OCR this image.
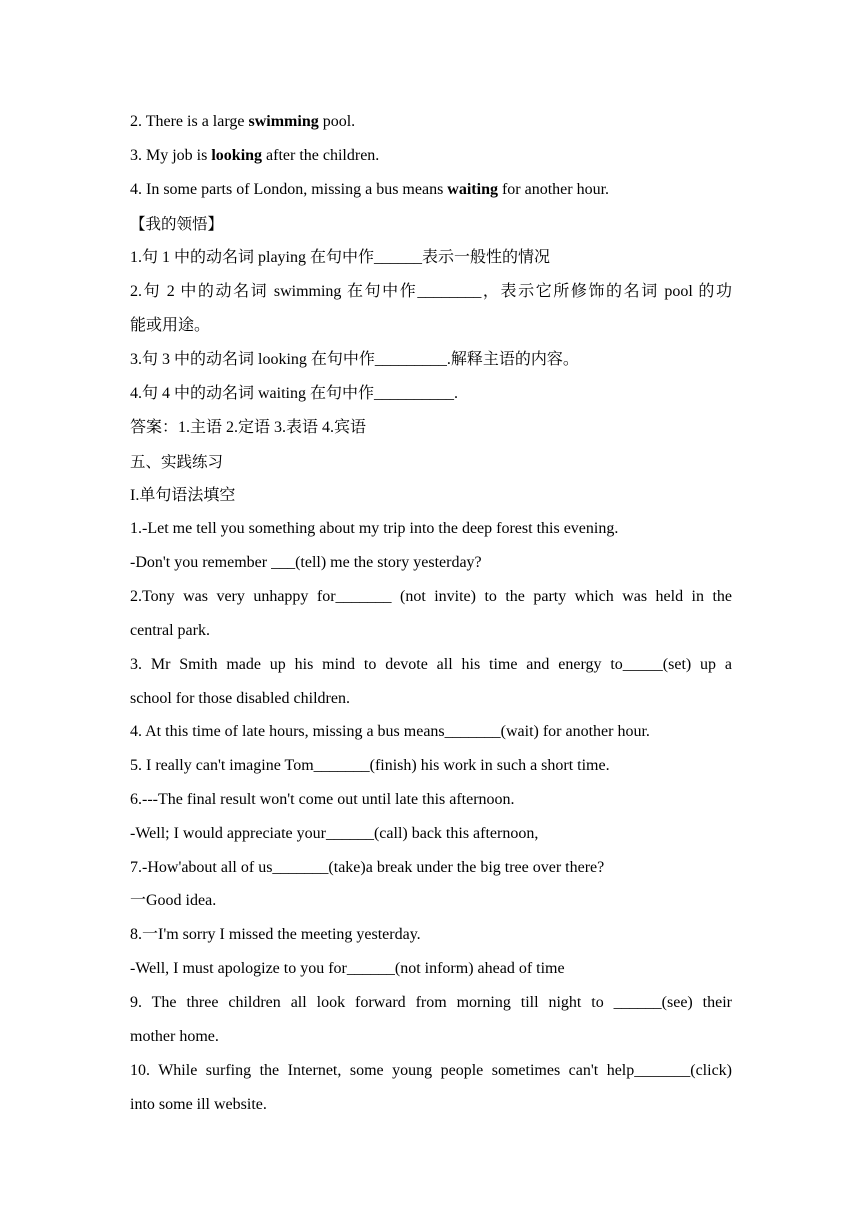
2. There is a large swimming pool.
3. My job is looking after the children.
4. In some parts of London, missing a bus means waiting for another hour.
【我的领悟】
1.句 1 中的动名词 playing 在句中作______表示一般性的情况
2.句 2 中的动名词 swimming 在句中作________，表示它所修饰的名词 pool 的功
能或用途。
3.句 3 中的动名词 looking 在句中作_________.解释主语的内容。
4.句 4 中的动名词 waiting 在句中作__________.
答案：1.主语 2.定语 3.表语 4.宾语
五、实践练习
I.单句语法填空
1.-Let me tell you something about my trip into the deep forest this evening.
-Don't you remember ___(tell) me the story yesterday?
2.Tony was very unhappy for_______ (not invite) to the party which was held in the
central park.
3. Mr Smith made up his mind to devote all his time and energy to_____(set) up a
school for those disabled children.
4. At this time of late hours, missing a bus means_______(wait) for another hour.
5. I really can't imagine Tom_______(finish) his work in such a short time.
6.---The final result won't come out until late this afternoon.
-Well; I would appreciate your______(call) back this afternoon,
7.-How'about all of us_______(take)a break under the big tree over there?
一Good idea.
8.一I'm sorry I missed the meeting yesterday.
-Well, I must apologize to you for______(not inform) ahead of time
9. The three children all look forward from morning till night to ______(see) their
mother home.
10. While surfing the Internet, some young people sometimes can't help_______(click)
into some ill website.
